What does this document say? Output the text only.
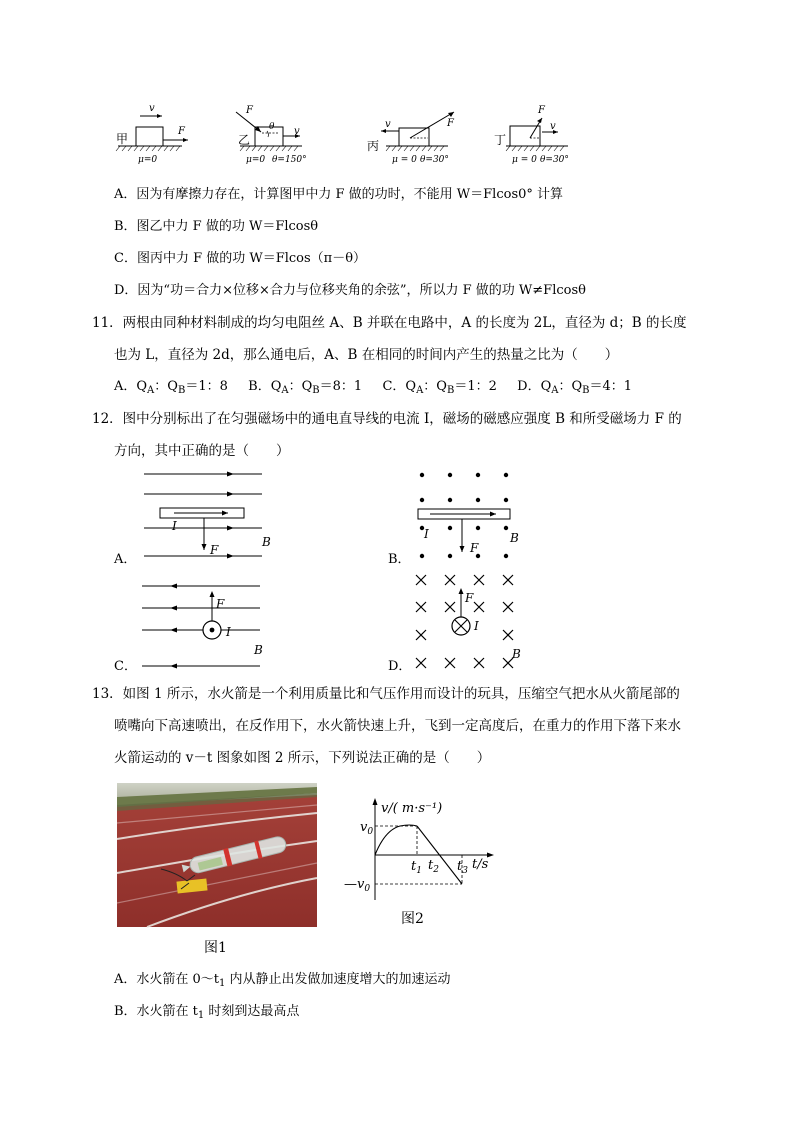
v
F
甲
μ=0
F
θ v
乙
μ=0 θ=150°
v	F
丙
μ = 0 θ=30°
F
v
丁
μ = 0 θ=30°
A．因为有摩擦力存在，计算图甲中力 F 做的功时，不能用 W＝Flcos0° 计算
B．图乙中力 F 做的功 W＝Flcosθ
C．图丙中力 F 做的功 W＝Flcos（π－θ）
D．因为“功＝合力×位移×合力与位移夹角的余弦”，所以力 F 做的功 W≠Flcosθ
11．两根由同种材料制成的均匀电阻丝 A、B 并联在电路中，A 的长度为 2L，直径为 d；B 的长度
也为 L，直径为 2d，那么通电后，A、B 在相同的时间内产生的热量之比为（　　）
A．$Q_A$：$Q_B=1$：8 B．$Q_A$：$Q_B=8$：1 C．$Q_A$：$Q_B=1$：2 D．$Q_A$：$Q_B=4$：1
12．图中分别标出了在匀强磁场中的通电直导线的电流 I，磁场的磁感应强度 B 和所受磁场力 F 的
方向，其中正确的是（　　）
I
F
B
A．
I
F
B
B．
F
I
B
C．
F
I
B
D．
13．如图 1 所示，水火箭是一个利用质量比和气压作用而设计的玩具，压缩空气把水从火箭尾部的
喷嘴向下高速喷出，在反作用下，水火箭快速上升，飞到一定高度后，在重力的作用下落下来水
火箭运动的 v－t 图象如图 2 所示，下列说法正确的是（　　）
图1
v/( m·s⁻¹)
$v_0$
$—v_0$
$t_1$ $t_2$ $t_3$ t/s
图2
A．水火箭在 $0\sim t_1$ 内从静止出发做加速度增大的加速运动
B．水火箭在 $t_1$ 时刻到达最高点
